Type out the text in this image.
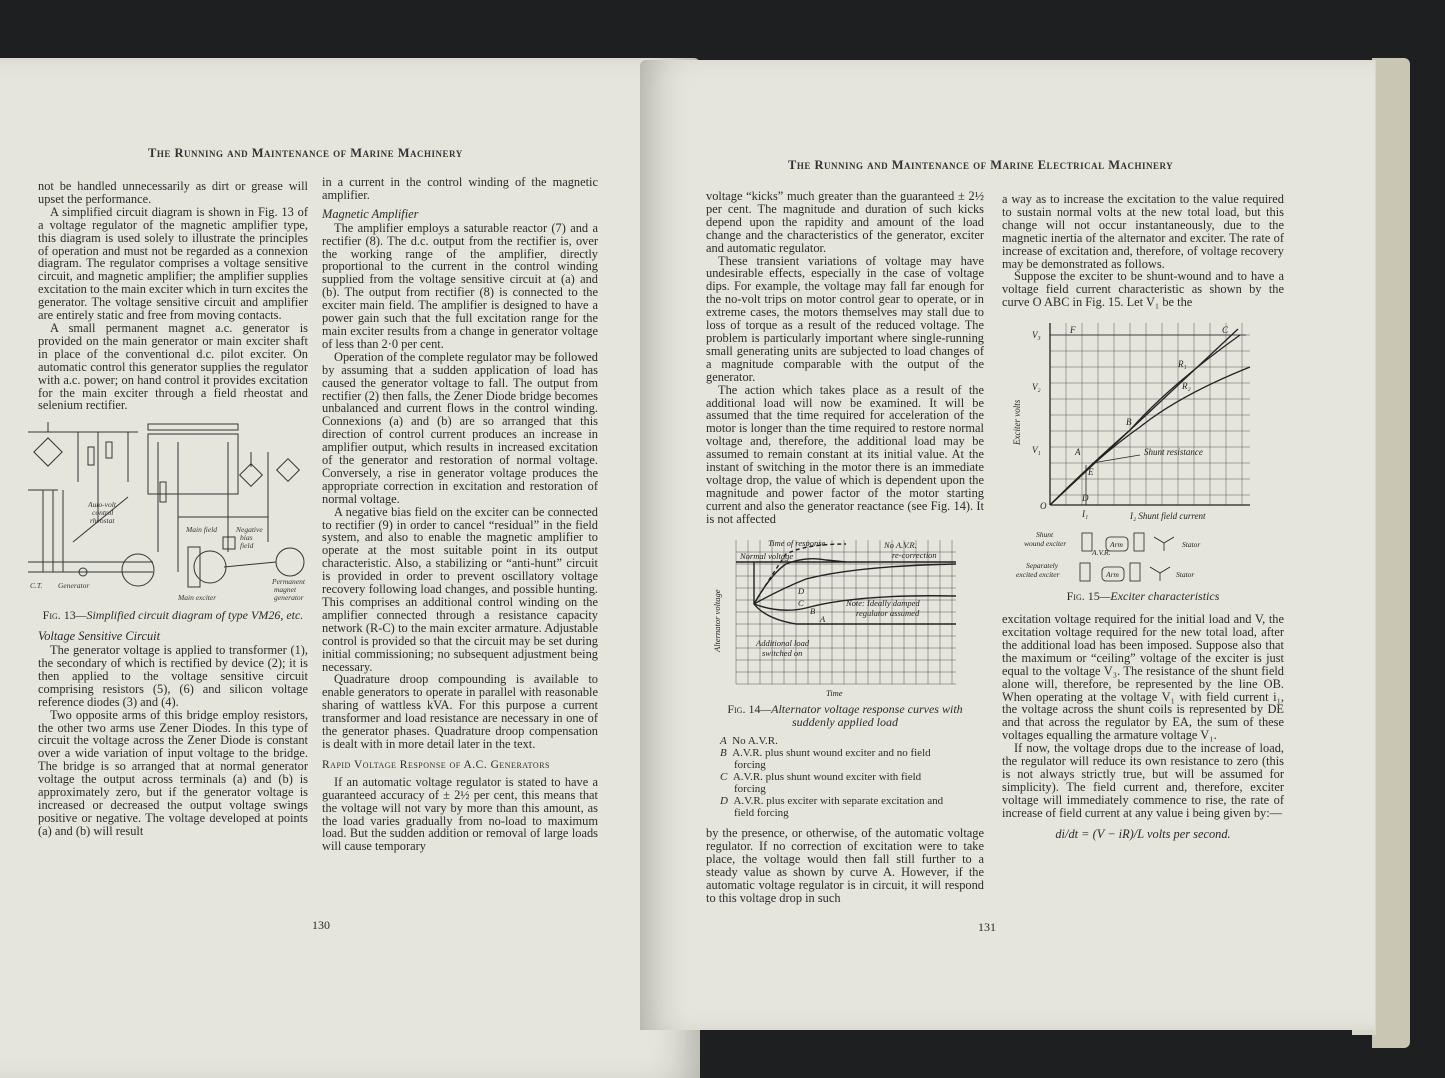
The Running and Maintenance of Marine Machinery

not be handled unnecessarily as dirt or grease will upset the performance.

A simplified circuit diagram is shown in Fig. 13 of a voltage regulator of the magnetic amplifier type, this diagram is used solely to illustrate the principles of operation and must not be regarded as a connexion diagram. The regulator comprises a voltage sensitive circuit, and magnetic amplifier; the amplifier supplies excitation to the main exciter which in turn excites the generator. The voltage sensitive circuit and amplifier are entirely static and free from moving contacts.

A small permanent magnet a.c. generator is provided on the main generator or main exciter shaft in place of the conventional d.c. pilot exciter. On automatic control this generator supplies the regulator with a.c. power; on hand control it provides excitation for the main exciter through a field rheostat and selenium rectifier.

Auto-volt
control
rheostat
Main field	Negative
bias
field
C.T. Generator
Main exciter
Permanent
magnet
generator
Fig. 13—Simplified circuit diagram of type VM26, etc.
Voltage Sensitive Circuit

The generator voltage is applied to transformer (1), the secondary of which is rectified by device (2); it is then applied to the voltage sensitive circuit comprising resistors (5), (6) and silicon voltage reference diodes (3) and (4).

Two opposite arms of this bridge employ resistors, the other two arms use Zener Diodes. In this type of circuit the voltage across the Zener Diode is constant over a wide variation of input voltage to the bridge. The bridge is so arranged that at normal generator voltage the output across terminals (a) and (b) is approximately zero, but if the generator voltage is increased or decreased the output voltage swings positive or negative. The voltage developed at points (a) and (b) will result

in a current in the control winding of the magnetic amplifier.

Magnetic Amplifier

The amplifier employs a saturable reactor (7) and a rectifier (8). The d.c. output from the rectifier is, over the working range of the amplifier, directly proportional to the current in the control winding supplied from the voltage sensitive circuit at (a) and (b). The output from rectifier (8) is connected to the exciter main field. The amplifier is designed to have a power gain such that the full excitation range for the main exciter results from a change in generator voltage of less than 2·0 per cent.

Operation of the complete regulator may be followed by assuming that a sudden application of load has caused the generator voltage to fall. The output from rectifier (2) then falls, the Zener Diode bridge becomes unbalanced and current flows in the control winding. Connexions (a) and (b) are so arranged that this direction of control current produces an increase in amplifier output, which results in increased excitation of the generator and restoration of normal voltage. Conversely, a rise in generator voltage produces the appropriate correction in excitation and restoration of normal voltage.

A negative bias field on the exciter can be connected to rectifier (9) in order to cancel “residual” in the field system, and also to enable the magnetic amplifier to operate at the most suitable point in its output characteristic. Also, a stabilizing or “anti-hunt” circuit is provided in order to prevent oscillatory voltage recovery following load changes, and possible hunting. This comprises an additional control winding on the amplifier connected through a resistance capacity network (R-C) to the main exciter armature. Adjustable control is provided so that the circuit may be set during initial commissioning; no subsequent adjustment being necessary.

Quadrature droop compounding is available to enable generators to operate in parallel with reasonable sharing of wattless kVA. For this purpose a current transformer and load resistance are necessary in one of the generator phases. Quadrature droop compensation is dealt with in more detail later in the text.

Rapid Voltage Response of A.C. Generators

If an automatic voltage regulator is stated to have a guaranteed accuracy of ± 2½ per cent, this means that the voltage will not vary by more than this amount, as the load varies gradually from no-load to maximum load. But the sudden addition or removal of large loads will cause temporary

130
The Running and Maintenance of Marine Electrical Machinery

voltage “kicks” much greater than the guaranteed ± 2½ per cent. The magnitude and duration of such kicks depend upon the rapidity and amount of the load change and the characteristics of the generator, exciter and automatic regulator.

These transient variations of voltage may have undesirable effects, especially in the case of voltage dips. For example, the voltage may fall far enough for the no-volt trips on motor control gear to operate, or in extreme cases, the motors themselves may stall due to loss of torque as a result of the reduced voltage. The problem is particularly important where single-running small generating units are subjected to load changes of a magnitude comparable with the output of the generator.

The action which takes place as a result of the additional load will now be examined. It will be assumed that the time required for acceleration of the motor is longer than the time required to restore normal voltage and, therefore, the additional load may be assumed to remain constant at its initial value. At the instant of switching in the motor there is an immediate voltage drop, the value of which is dependent upon the magnitude and power factor of the motor starting current and also the generator reactance (see Fig. 14). It is not affected

Alternator voltage
Time
Normal voltage
Time of response	No A.V.R.
re-correction
Note: Ideally damped
regulator assumed
Additional load
switched on
A
B
C
D
Fig. 14—Alternator voltage response curves with suddenly applied load
A No A.V.R.
B A.V.R. plus shunt wound exciter and no field forcing
C A.V.R. plus shunt wound exciter with field forcing
D A.V.R. plus exciter with separate excitation and field forcing

by the presence, or otherwise, of the automatic voltage regulator. If no correction of excitation were to take place, the voltage would then fall still further to a steady value as shown by curve A. However, if the automatic voltage regulator is in circuit, it will respond to this voltage drop in such

a way as to increase the excitation to the value required to sustain normal volts at the new total load, but this change will not occur instantaneously, due to the magnetic inertia of the alternator and exciter. The rate of increase of excitation and, therefore, of voltage recovery may be demonstrated as follows.

Suppose the exciter to be shunt-wound and to have a voltage field current characteristic as shown by the curve O ABC in Fig. 15. Let V₁ be the

Exciter volts
I₂ Shunt field current
V₃
V₂
V₁
F	C
B
A
E
D
O
I₁
R₁
R₂
Shunt resistance
Shunt
wound exciter
Separately
excited exciter
Arm
Arm
Stator
Stator
A.V.R.
Fig. 15—Exciter characteristics

excitation voltage required for the initial load and V, the excitation voltage required for the new total load, after the additional load has been imposed. Suppose also that the maximum or “ceiling” voltage of the exciter is just equal to the voltage V₃. The resistance of the shunt field alone will, therefore, be represented by the line OB. When operating at the voltage V₁ with field current i₁, the voltage across the shunt coils is represented by DE and that across the regulator by EA, the sum of these voltages equalling the armature voltage V₁.

If now, the voltage drops due to the increase of load, the regulator will reduce its own resistance to zero (this is not always strictly true, but will be assumed for simplicity). The field current and, therefore, exciter voltage will immediately commence to rise, the rate of increase of field current at any value i being given by:—

di/dt = (V − iR)/L volts per second.
131
